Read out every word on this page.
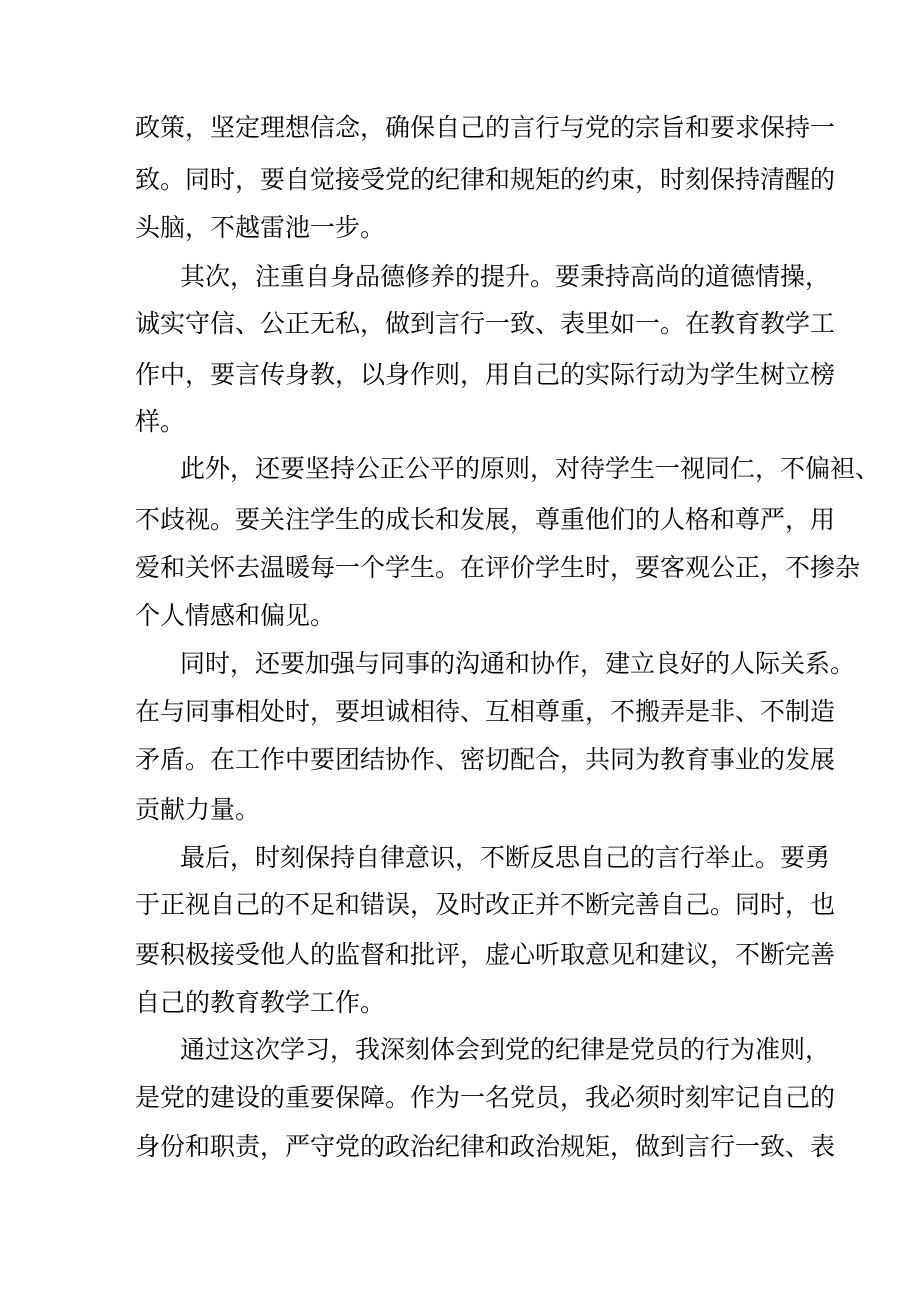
政策，坚定理想信念，确保自己的言行与党的宗旨和要求保持一
致。同时，要自觉接受党的纪律和规矩的约束，时刻保持清醒的
头脑，不越雷池一步。
其次，注重自身品德修养的提升。要秉持高尚的道德情操，
诚实守信、公正无私，做到言行一致、表里如一。在教育教学工
作中，要言传身教，以身作则，用自己的实际行动为学生树立榜
样。
此外，还要坚持公正公平的原则，对待学生一视同仁，不偏袒、
不歧视。要关注学生的成长和发展，尊重他们的人格和尊严，用
爱和关怀去温暖每一个学生。在评价学生时，要客观公正，不掺杂
个人情感和偏见。
同时，还要加强与同事的沟通和协作，建立良好的人际关系。
在与同事相处时，要坦诚相待、互相尊重，不搬弄是非、不制造
矛盾。在工作中要团结协作、密切配合，共同为教育事业的发展
贡献力量。
最后，时刻保持自律意识，不断反思自己的言行举止。要勇
于正视自己的不足和错误，及时改正并不断完善自己。同时，也
要积极接受他人的监督和批评，虚心听取意见和建议，不断完善
自己的教育教学工作。
通过这次学习，我深刻体会到党的纪律是党员的行为准则，
是党的建设的重要保障。作为一名党员，我必须时刻牢记自己的
身份和职责，严守党的政治纪律和政治规矩，做到言行一致、表
